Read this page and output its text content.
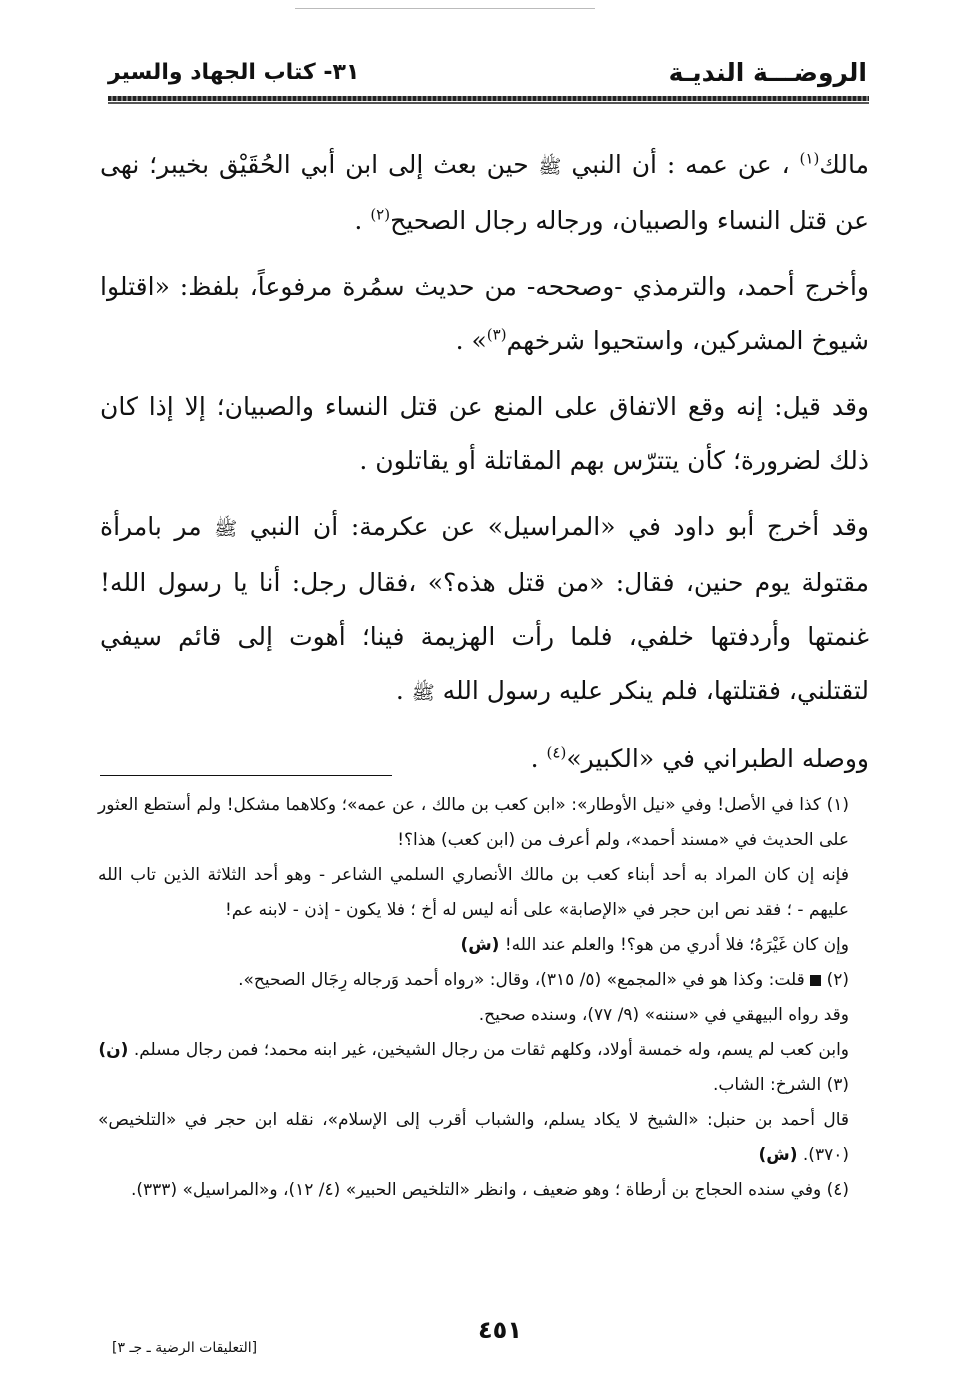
الروضـــة النديـة
٣١- كتاب الجهاد والسير

مالك$^{(١)}$ ، عن عمه : أن النبي ﷺ حين بعث إلى ابن أبي الحُقَيْق بخيبر؛ نهى عن قتل النساء والصبيان، ورجاله رجال الصحيح$^{(٢)}$ .

وأخرج أحمد، والترمذي -وصححه- من حديث سمُرة مرفوعاً، بلفظ: «اقتلوا شيوخ المشركين، واستحيوا شرخهم$^{(٣)}$» .

وقد قيل: إنه وقع الاتفاق على المنع عن قتل النساء والصبيان؛ إلا إذا كان ذلك لضرورة؛ كأن يتترّس بهم المقاتلة أو يقاتلون .

وقد أخرج أبو داود في «المراسيل» عن عكرمة: أن النبي ﷺ مر بامرأة مقتولة يوم حنين، فقال: «من قتل هذه؟» ،فقال رجل: أنا يا رسول الله! غنمتها وأردفتها خلفي، فلما رأت الهزيمة فينا؛ أهوت إلى قائم سيفي لتقتلني، فقتلتها، فلم ينكر عليه رسول الله ﷺ .

ووصله الطبراني في «الكبير»$^{(٤)}$ .

(١) كذا في الأصل! وفي «نيل الأوطار»: «ابن كعب بن مالك ، عن عمه»؛ وكلاهما مشكل! ولم أستطع العثور على الحديث في «مسند أحمد»، ولم أعرف من (ابن كعب) هذا؟!

فإنه إن كان المراد به أحد أبناء كعب بن مالك الأنصاري السلمي الشاعر - وهو أحد الثلاثة الذين تاب الله عليهم - ؛ فقد نص ابن حجر في «الإصابة» على أنه ليس له أخ ؛ فلا يكون - إذن - لابنه عم!

وإن كان غَيْرَهُ؛ فلا أدري من هو؟! والعلم عند الله! (ش)

(٢)  قلت: وكذا هو في «المجمع» (٥/ ٣١٥)، وقال: «رواه أحمد وَرجاله رِجَال الصحيح».

وقد رواه البيهقي في «سننه» (٩/ ٧٧)، وسنده صحيح.

وابن كعب لم يسم، وله خمسة أولاد، وكلهم ثقات من رجال الشيخين، غير ابنه محمد؛ فمن رجال مسلم. (ن)

(٣) الشرخ: الشاب.

قال أحمد بن حنبل: «الشيخ لا يكاد يسلم، والشباب أقرب إلى الإسلام»، نقله ابن حجر في «التلخيص» (٣٧٠). (ش)

(٤) وفي سنده الحجاج بن أرطاة ؛ وهو ضعيف ، وانظر «التلخيص الحبير» (٤/ ١٢)، و«المراسيل» (٣٣٣).

٤٥١
[التعليقات الرضية ـ جـ ٣]
